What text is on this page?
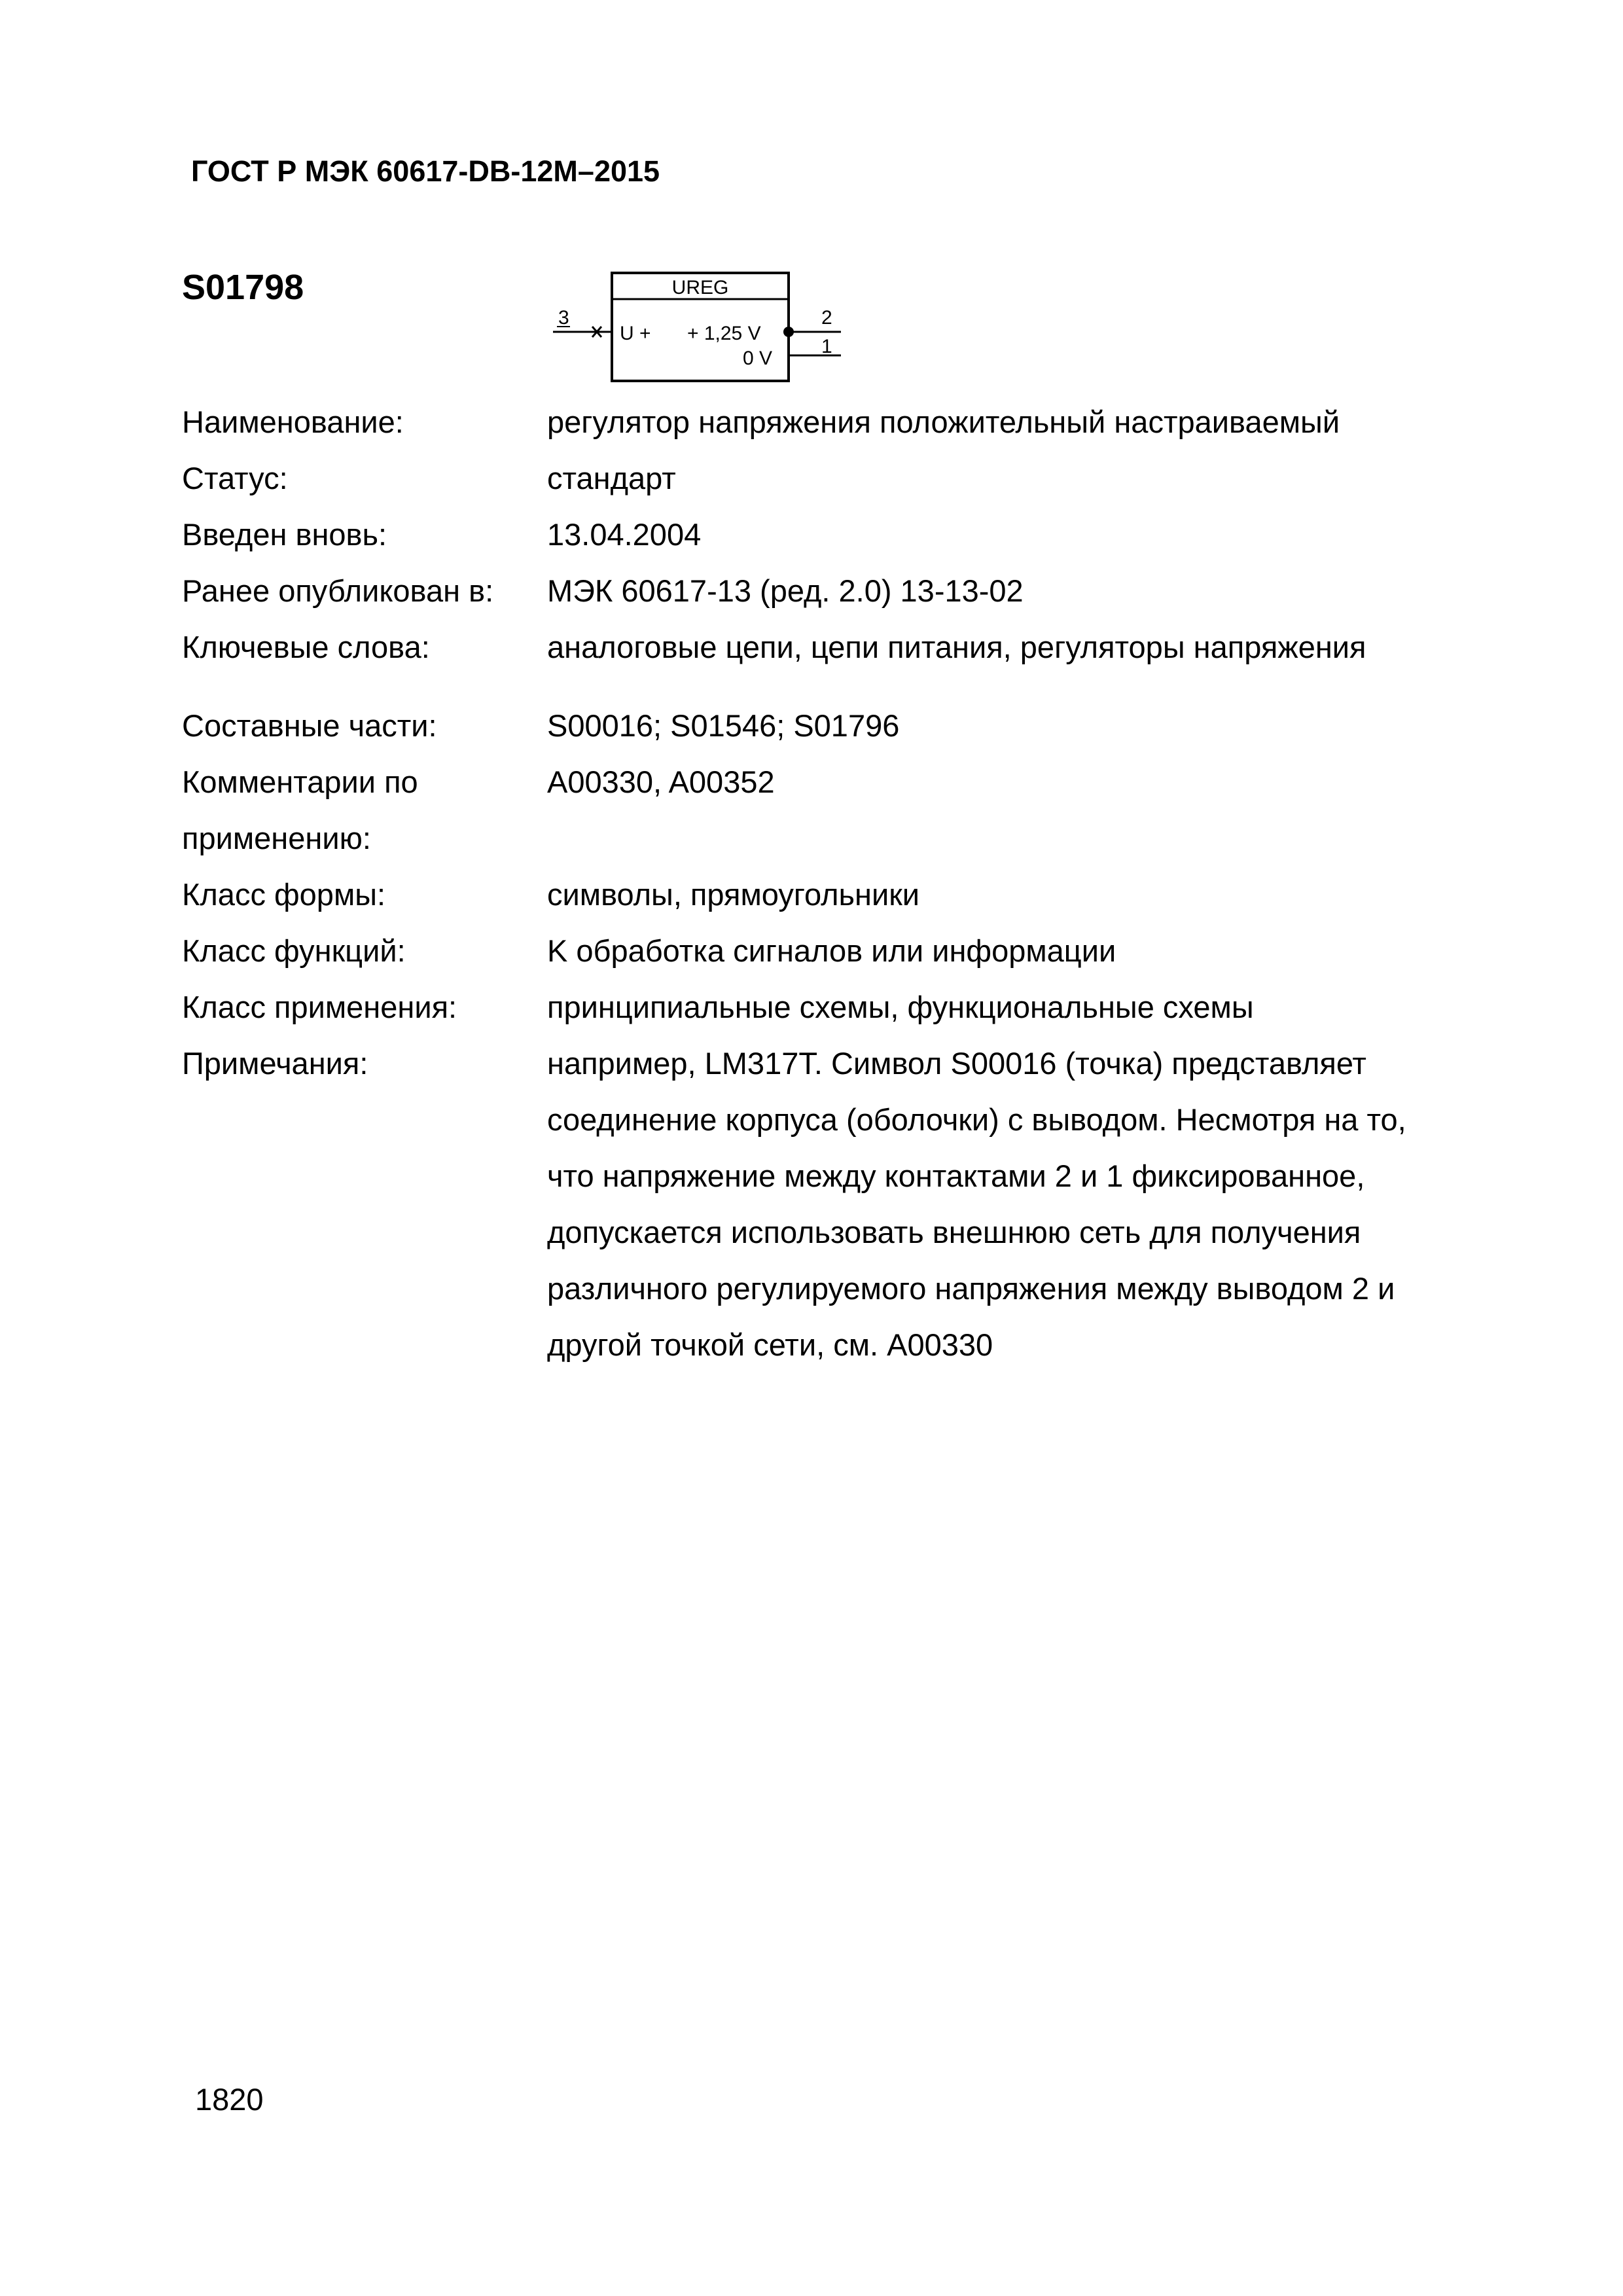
ГОСТ Р МЭК 60617-DB-12М–2015
S01798	UREG
3
U + + 1,25 V
2
0 V
1
Наименование:	регулятор напряжения положительный настраиваемый
Статус:	стандарт
Введен вновь:	13.04.2004
Ранее опубликован в: МЭК 60617-13 (ред. 2.0) 13-13-02
Ключевые слова:	аналоговые цепи, цепи питания, регуляторы напряжения
Составные части:	S00016; S01546; S01796
Комментарии по
применению:
A00330, A00352
Класс формы:	символы, прямоугольники
Класс функций:	K обработка сигналов или информации
Класс применения:	принципиальные схемы, функциональные схемы
Примечания:	например, LM317T. Символ S00016 (точка) представляет
соединение корпуса (оболочки) с выводом. Несмотря на то,
что напряжение между контактами 2 и 1 фиксированное,
допускается использовать внешнюю сеть для получения
различного регулируемого напряжения между выводом 2 и
другой точкой сети, см. A00330
1820
